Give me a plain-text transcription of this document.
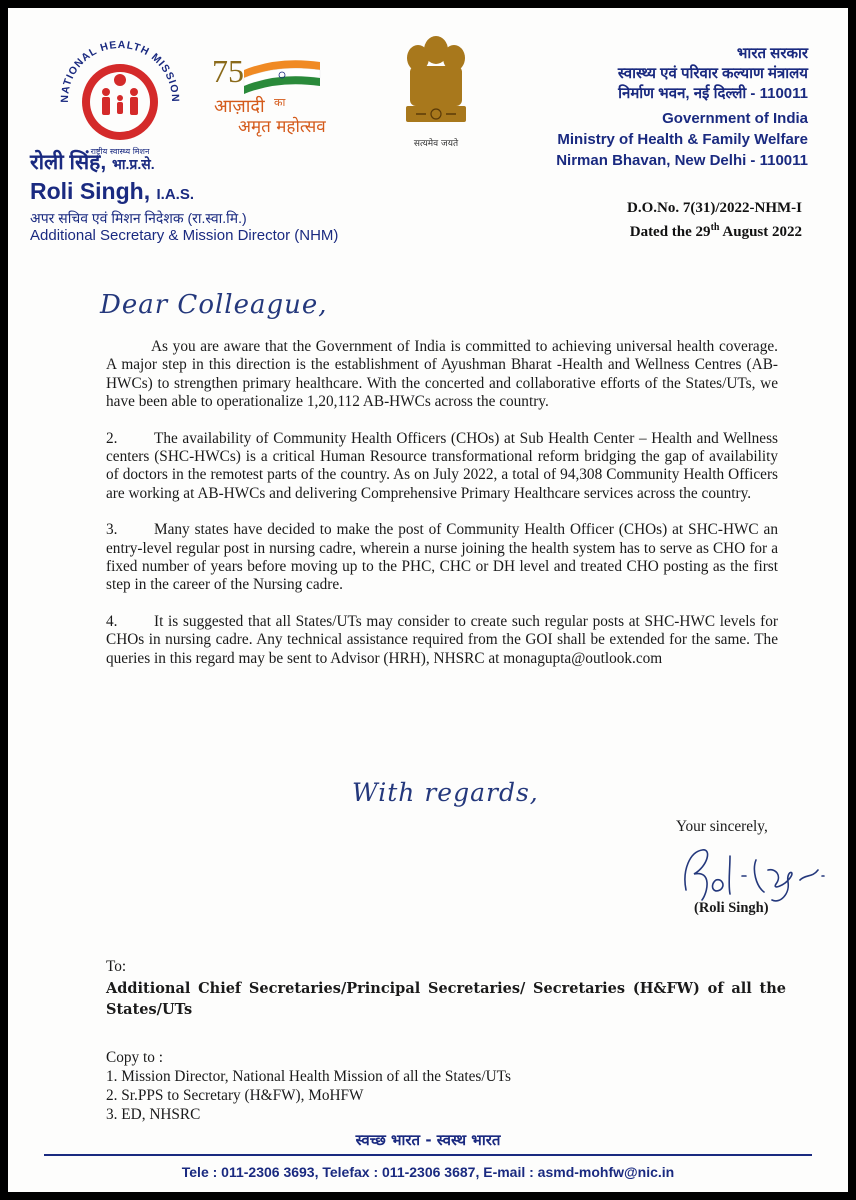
NATIONAL HEALTH MISSION
राष्ट्रीय स्वास्थ्य मिशन
75
आज़ादी का
अमृत महोत्सव
सत्यमेव जयते
भारत सरकार
स्वास्थ्य एवं परिवार कल्याण मंत्रालय
निर्माण भवन, नई दिल्ली - 110011
Government of India
Ministry of Health & Family Welfare
Nirman Bhavan, New Delhi - 110011
रोली सिंह, भा.प्र.से.
Roli Singh, I.A.S.
अपर सचिव एवं मिशन निदेशक (रा.स्वा.मि.)
Additional Secretary & Mission Director (NHM)
D.O.No. 7(31)/2022-NHM-I
Dated the 29th August 2022
Dear Colleague,

As you are aware that the Government of India is committed to achieving universal health coverage. A major step in this direction is the establishment of Ayushman Bharat -Health and Wellness Centres (AB-HWCs) to strengthen primary healthcare. With the concerted and collaborative efforts of the States/UTs, we have been able to operationalize 1,20,112 AB-HWCs across the country.

2. The availability of Community Health Officers (CHOs) at Sub Health Center – Health and Wellness centers (SHC-HWCs) is a critical Human Resource transformational reform bridging the gap of availability of doctors in the remotest parts of the country. As on July 2022, a total of 94,308 Community Health Officers are working at AB-HWCs and delivering Comprehensive Primary Healthcare services across the country.

3. Many states have decided to make the post of Community Health Officer (CHOs) at SHC-HWC an entry-level regular post in nursing cadre, wherein a nurse joining the health system has to serve as CHO for a fixed number of years before moving up to the PHC, CHC or DH level and treated CHO posting as the first step in the career of the Nursing cadre.

4. It is suggested that all States/UTs may consider to create such regular posts at SHC-HWC levels for CHOs in nursing cadre. Any technical assistance required from the GOI shall be extended for the same. The queries in this regard may be sent to Advisor (HRH), NHSRC at monagupta@outlook.com

With regards,
Your sincerely,
(Roli Singh)
To:
Additional Chief Secretaries/Principal Secretaries/ Secretaries (H&FW) of all the States/UTs
Copy to :
1. Mission Director, National Health Mission of all the States/UTs
2. Sr.PPS to Secretary (H&FW), MoHFW
3. ED, NHSRC
स्वच्छ भारत - स्वस्थ भारत
Tele : 011-2306 3693, Telefax : 011-2306 3687, E-mail : asmd-mohfw@nic.in
